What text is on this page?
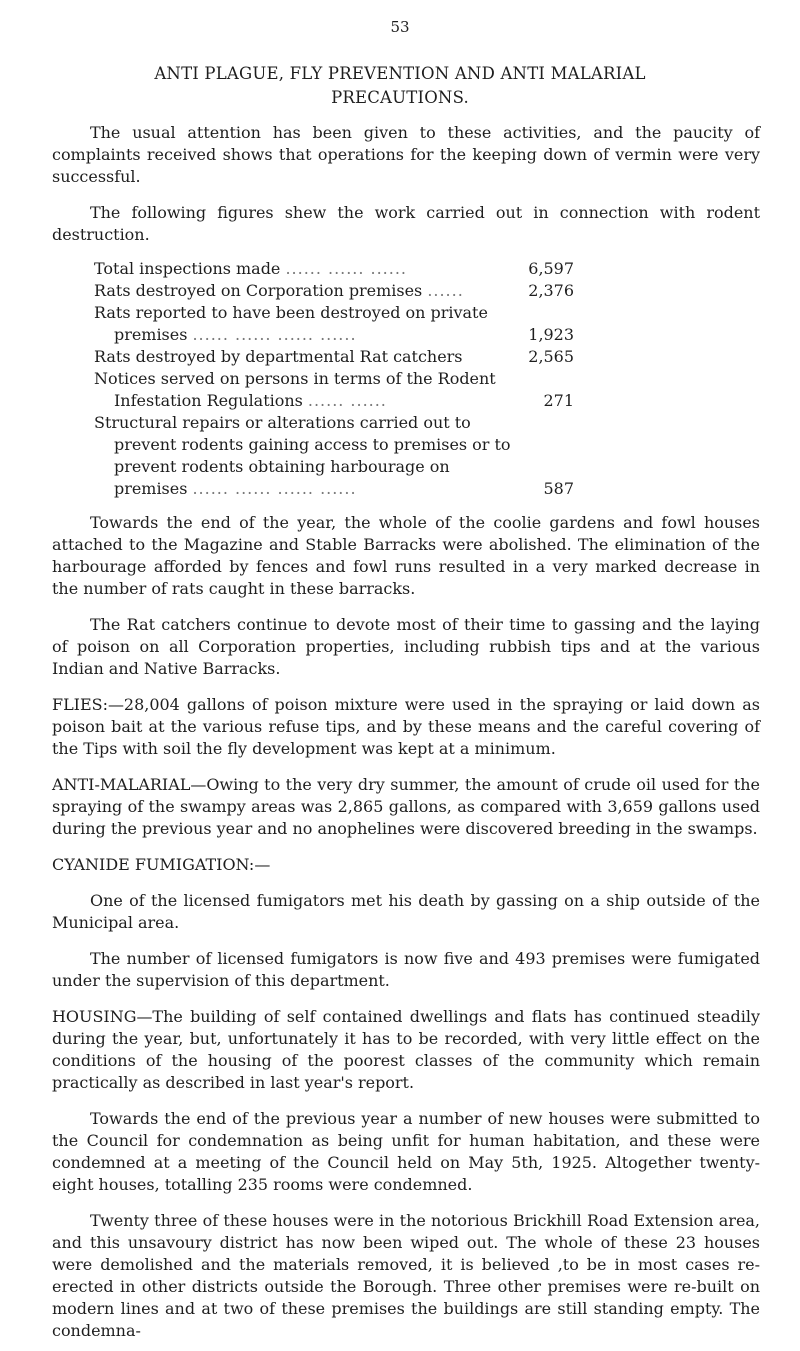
53
ANTI PLAGUE, FLY PREVENTION AND ANTI MALARIAL
PRECAUTIONS.

The usual attention has been given to these activities, and the paucity of complaints received shows that operations for the keeping down of vermin were very successful.

The following figures shew the work carried out in connection with rodent destruction.

Total inspections made ...... ...... ......	6,597
Rats destroyed on Corporation premises ......	2,376
Rats reported to have been destroyed on private premises ...... ...... ...... ......	1,923
Rats destroyed by departmental Rat catchers	2,565
Notices served on persons in terms of the Rodent Infestation Regulations ...... ......	271
Structural repairs or alterations carried out to prevent rodents gaining access to premises or to prevent rodents obtaining harbourage on premises ...... ...... ...... ......	587

Towards the end of the year, the whole of the coolie gardens and fowl houses attached to the Magazine and Stable Barracks were abolished. The elimination of the harbourage afforded by fences and fowl runs resulted in a very marked decrease in the number of rats caught in these barracks.

The Rat catchers continue to devote most of their time to gassing and the laying of poison on all Corporation properties, including rubbish tips and at the various Indian and Native Barracks.

FLIES:—28,004 gallons of poison mixture were used in the spraying or laid down as poison bait at the various refuse tips, and by these means and the careful covering of the Tips with soil the fly development was kept at a minimum.

ANTI-MALARIAL—Owing to the very dry summer, the amount of crude oil used for the spraying of the swampy areas was 2,865 gallons, as compared with 3,659 gallons used during the previous year and no anophelines were discovered breeding in the swamps.

CYANIDE FUMIGATION:—

One of the licensed fumigators met his death by gassing on a ship outside of the Municipal area.

The number of licensed fumigators is now five and 493 premises were fumigated under the supervision of this department.

HOUSING—The building of self contained dwellings and flats has continued steadily during the year, but, unfortunately it has to be recorded, with very little effect on the conditions of the housing of the poorest classes of the community which remain practically as described in last year's report.

Towards the end of the previous year a number of new houses were submitted to the Council for condemnation as being unfit for human habitation, and these were condemned at a meeting of the Council held on May 5th, 1925. Altogether twenty-eight houses, totalling 235 rooms were condemned.

Twenty three of these houses were in the notorious Brickhill Road Extension area, and this unsavoury district has now been wiped out. The whole of these 23 houses were demolished and the materials removed, it is believed ,to be in most cases re-erected in other districts outside the Borough. Three other premises were re-built on modern lines and at two of these premises the buildings are still standing empty. The condemna-
